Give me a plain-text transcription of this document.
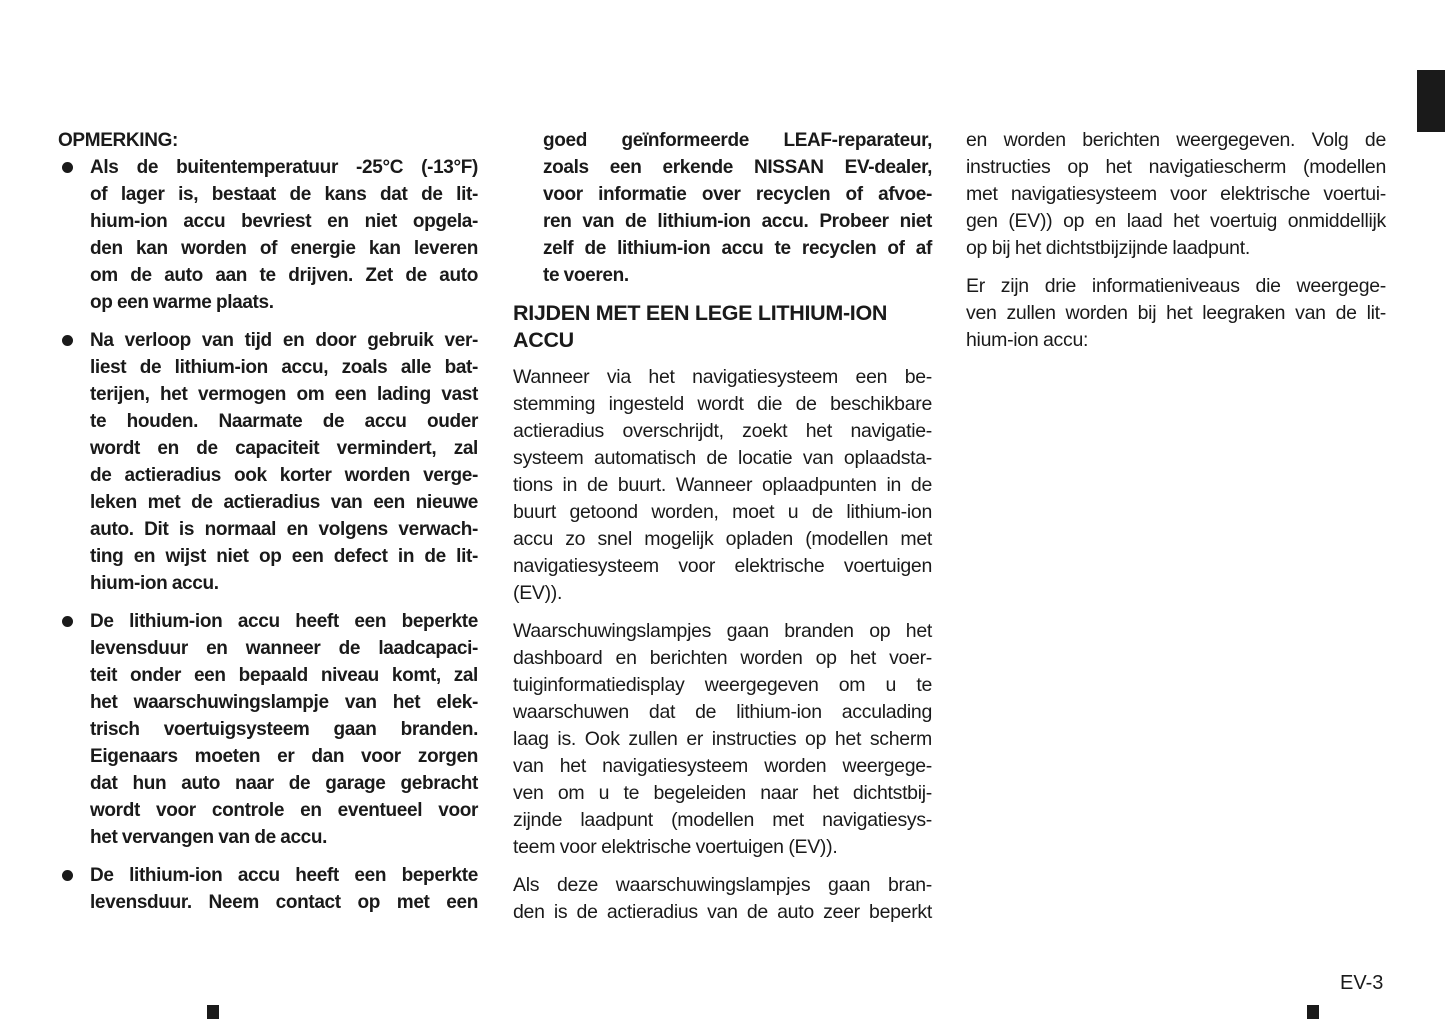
OPMERKING:
Als de buitentemperatuur -25°C (-13°F)
of lager is, bestaat de kans dat de lit-
hium-ion accu bevriest en niet opgela-
den kan worden of energie kan leveren
om de auto aan te drijven. Zet de auto
op een warme plaats.
Na verloop van tijd en door gebruik ver-
liest de lithium-ion accu, zoals alle bat-
terijen, het vermogen om een lading vast
te houden. Naarmate de accu ouder
wordt en de capaciteit vermindert, zal
de actieradius ook korter worden verge-
leken met de actieradius van een nieuwe
auto. Dit is normaal en volgens verwach-
ting en wijst niet op een defect in de lit-
hium-ion accu.
De lithium-ion accu heeft een beperkte
levensduur en wanneer de laadcapaci-
teit onder een bepaald niveau komt, zal
het waarschuwingslampje van het elek-
trisch voertuigsysteem gaan branden.
Eigenaars moeten er dan voor zorgen
dat hun auto naar de garage gebracht
wordt voor controle en eventueel voor
het vervangen van de accu.
De lithium-ion accu heeft een beperkte
levensduur. Neem contact op met een
goed geïnformeerde LEAF-reparateur,
zoals een erkende NISSAN EV-dealer,
voor informatie over recyclen of afvoe-
ren van de lithium-ion accu. Probeer niet
zelf de lithium-ion accu te recyclen of af
te voeren.
RIJDEN MET EEN LEGE LITHIUM-ION
ACCU
Wanneer via het navigatiesysteem een be-
stemming ingesteld wordt die de beschikbare
actieradius overschrijdt, zoekt het navigatie-
systeem automatisch de locatie van oplaadsta-
tions in de buurt. Wanneer oplaadpunten in de
buurt getoond worden, moet u de lithium-ion
accu zo snel mogelijk opladen (modellen met
navigatiesysteem voor elektrische voertuigen
(EV)).
Waarschuwingslampjes gaan branden op het
dashboard en berichten worden op het voer-
tuiginformatiedisplay weergegeven om u te
waarschuwen dat de lithium-ion acculading
laag is. Ook zullen er instructies op het scherm
van het navigatiesysteem worden weergege-
ven om u te begeleiden naar het dichtstbij-
zijnde laadpunt (modellen met navigatiesys-
teem voor elektrische voertuigen (EV)).
Als deze waarschuwingslampjes gaan bran-
den is de actieradius van de auto zeer beperkt
en worden berichten weergegeven. Volg de
instructies op het navigatiescherm (modellen
met navigatiesysteem voor elektrische voertui-
gen (EV)) op en laad het voertuig onmiddellijk
op bij het dichtstbijzijnde laadpunt.
Er zijn drie informatieniveaus die weergege-
ven zullen worden bij het leegraken van de lit-
hium-ion accu:
EV-3
